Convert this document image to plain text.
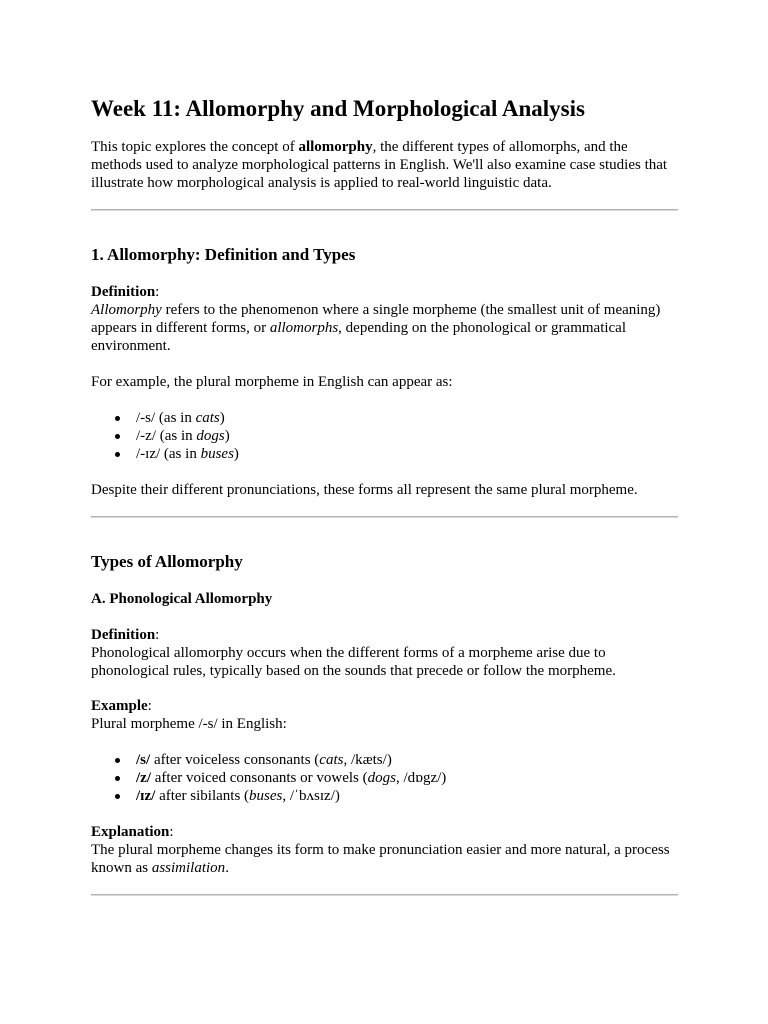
Week 11: Allomorphy and Morphological Analysis

This topic explores the concept of allomorphy, the different types of allomorphs, and the methods used to analyze morphological patterns in English. We'll also examine case studies that illustrate how morphological analysis is applied to real-world linguistic data.

1. Allomorphy: Definition and Types

Definition:
Allomorphy refers to the phenomenon where a single morpheme (the smallest unit of meaning) appears in different forms, or allomorphs, depending on the phonological or grammatical environment.

For example, the plural morpheme in English can appear as:

/-s/ (as in cats)
/-z/ (as in dogs)
/-ɪz/ (as in buses)

Despite their different pronunciations, these forms all represent the same plural morpheme.

Types of Allomorphy
A. Phonological Allomorphy

Definition:
Phonological allomorphy occurs when the different forms of a morpheme arise due to phonological rules, typically based on the sounds that precede or follow the morpheme.

Example:
Plural morpheme /-s/ in English:

/s/ after voiceless consonants (cats, /kæts/)
/z/ after voiced consonants or vowels (dogs, /dɒgz/)
/ɪz/ after sibilants (buses, /ˈbʌsɪz/)

Explanation:
The plural morpheme changes its form to make pronunciation easier and more natural, a process known as assimilation.
